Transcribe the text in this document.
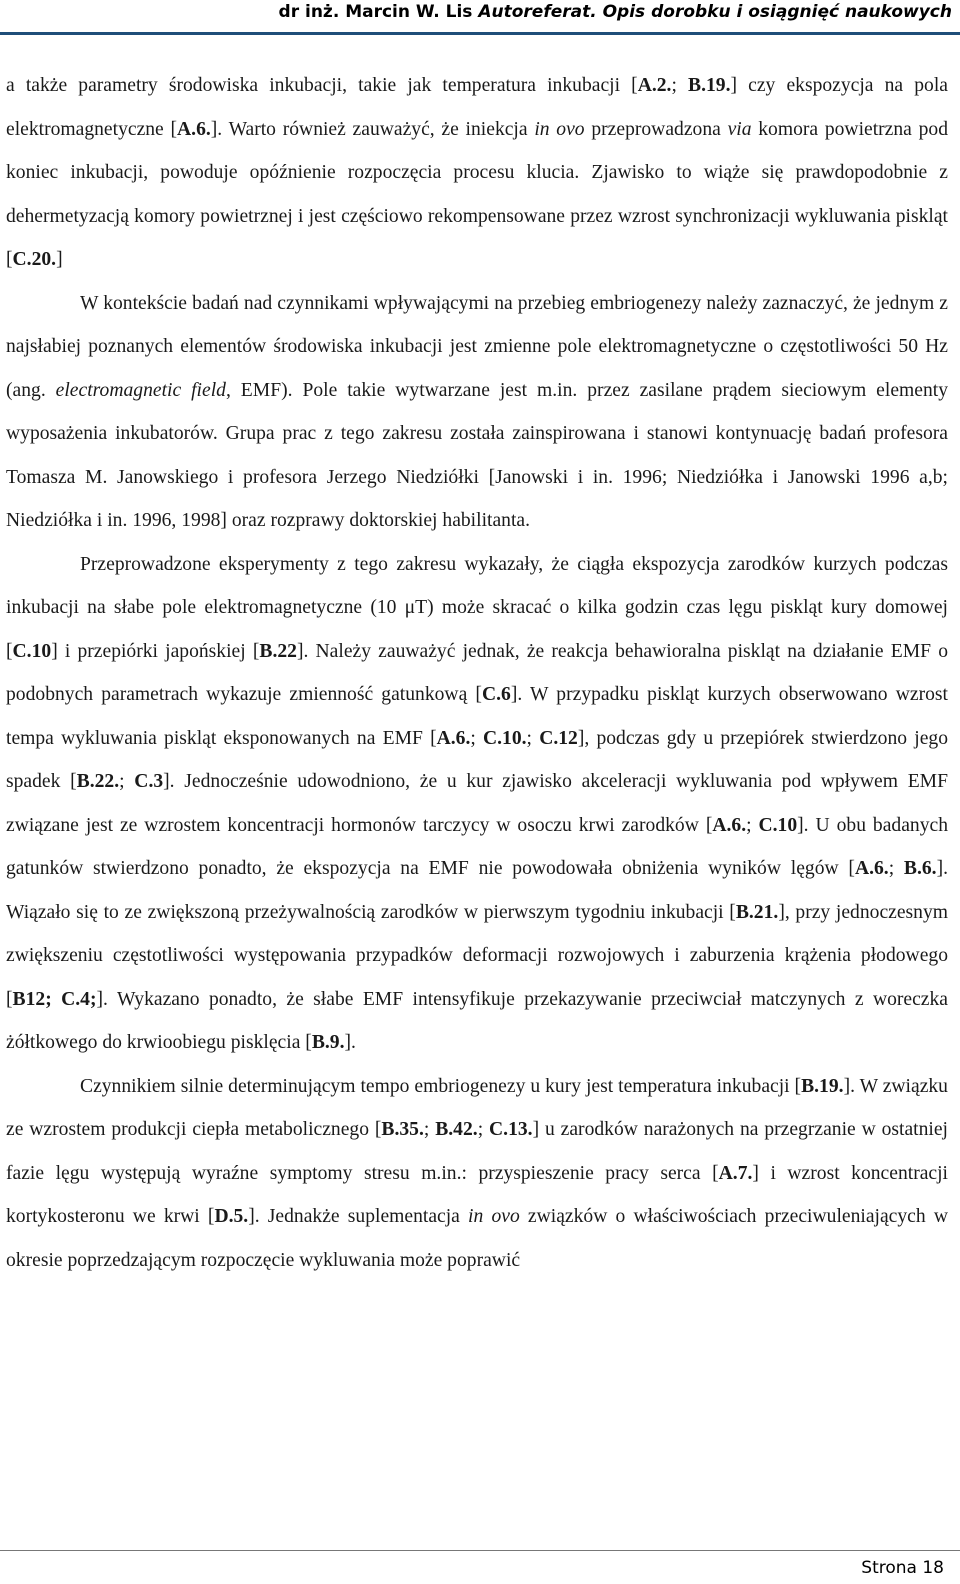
dr inż. Marcin W. Lis Autoreferat. Opis dorobku i osiągnięć naukowych

a także parametry środowiska inkubacji, takie jak temperatura inkubacji [A.2.; B.19.] czy ekspozycja na pola elektromagnetyczne [A.6.]. Warto również zauważyć, że iniekcja in ovo przeprowadzona via komora powietrzna pod koniec inkubacji, powoduje opóźnienie rozpoczęcia procesu klucia. Zjawisko to wiąże się prawdopodobnie z dehermetyzacją komory powietrznej i jest częściowo rekompensowane przez wzrost synchronizacji wykluwania piskląt [C.20.]

W kontekście badań nad czynnikami wpływającymi na przebieg embriogenezy należy zaznaczyć, że jednym z najsłabiej poznanych elementów środowiska inkubacji jest zmienne pole elektromagnetyczne o częstotliwości 50 Hz (ang. electromagnetic field, EMF). Pole takie wytwarzane jest m.in. przez zasilane prądem sieciowym elementy wyposażenia inkubatorów. Grupa prac z tego zakresu została zainspirowana i stanowi kontynuację badań profesora Tomasza M. Janowskiego i profesora Jerzego Niedziółki [Janowski i in. 1996; Niedziółka i Janowski 1996 a,b; Niedziółka i in. 1996, 1998] oraz rozprawy doktorskiej habilitanta.

Przeprowadzone eksperymenty z tego zakresu wykazały, że ciągła ekspozycja zarodków kurzych podczas inkubacji na słabe pole elektromagnetyczne (10 μT) może skracać o kilka godzin czas lęgu piskląt kury domowej [C.10] i przepiórki japońskiej [B.22]. Należy zauważyć jednak, że reakcja behawioralna piskląt na działanie EMF o podobnych parametrach wykazuje zmienność gatunkową [C.6]. W przypadku piskląt kurzych obserwowano wzrost tempa wykluwania piskląt eksponowanych na EMF [A.6.; C.10.; C.12], podczas gdy u przepiórek stwierdzono jego spadek [B.22.; C.3]. Jednocześnie udowodniono, że u kur zjawisko akceleracji wykluwania pod wpływem EMF związane jest ze wzrostem koncentracji hormonów tarczycy w osoczu krwi zarodków [A.6.; C.10]. U obu badanych gatunków stwierdzono ponadto, że ekspozycja na EMF nie powodowała obniżenia wyników lęgów [A.6.; B.6.]. Wiązało się to ze zwiększoną przeżywalnością zarodków w pierwszym tygodniu inkubacji [B.21.], przy jednoczesnym zwiększeniu częstotliwości występowania przypadków deformacji rozwojowych i zaburzenia krążenia płodowego [B12; C.4;]. Wykazano ponadto, że słabe EMF intensyfikuje przekazywanie przeciwciał matczynych z woreczka żółtkowego do krwioobiegu pisklęcia [B.9.].

Czynnikiem silnie determinującym tempo embriogenezy u kury jest temperatura inkubacji [B.19.]. W związku ze wzrostem produkcji ciepła metabolicznego [B.35.; B.42.; C.13.] u zarodków narażonych na przegrzanie w ostatniej fazie lęgu występują wyraźne symptomy stresu m.in.: przyspieszenie pracy serca [A.7.] i wzrost koncentracji kortykosteronu we krwi [D.5.]. Jednakże suplementacja in ovo związków o właściwościach przeciwuleniających w okresie poprzedzającym rozpoczęcie wykluwania może poprawić

Strona 18
